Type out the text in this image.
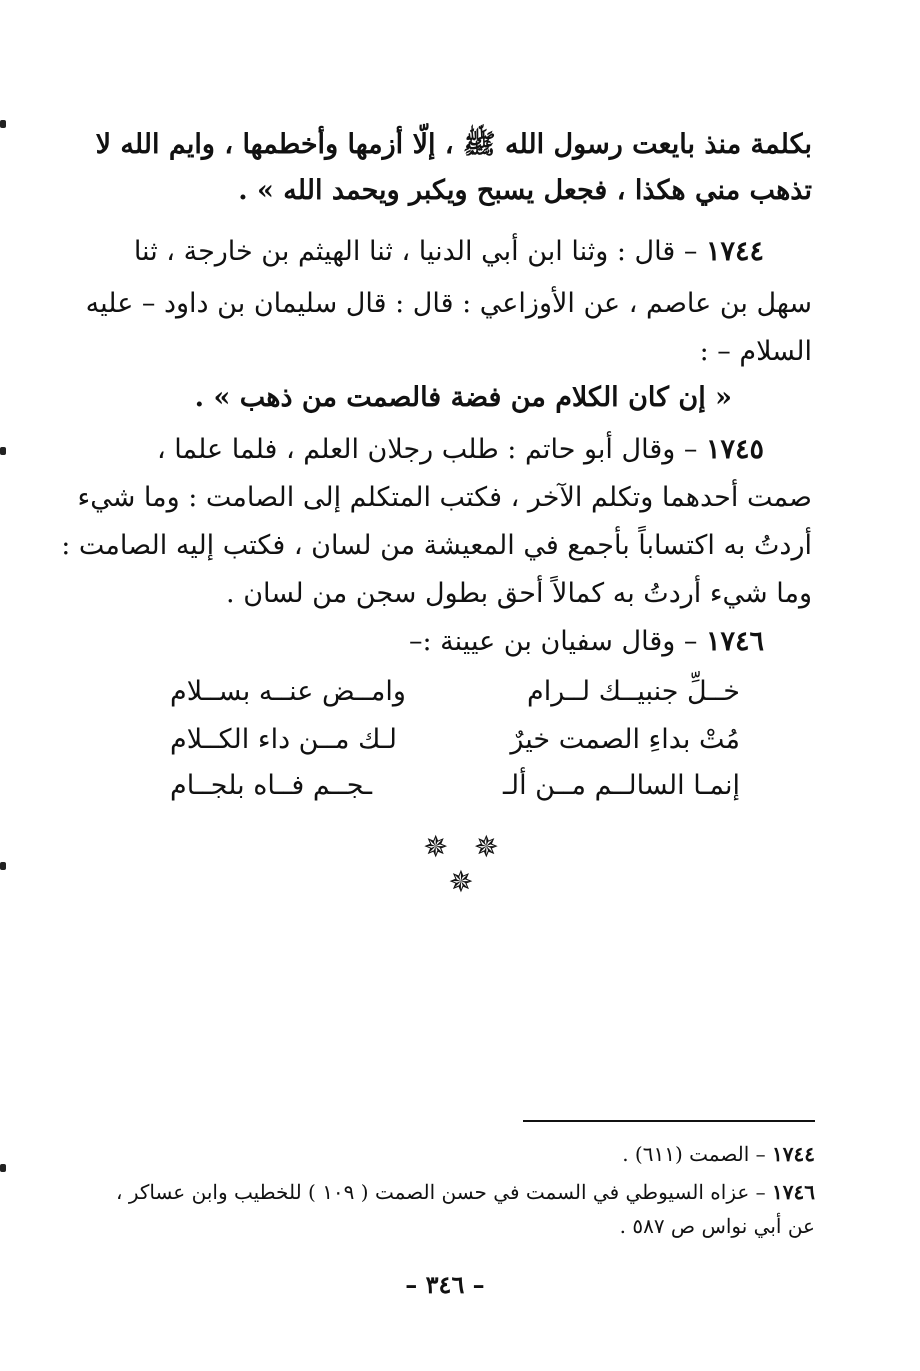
بكلمة منذ بايعت رسول الله ﷺ ، إلّا أزمها وأخطمها ، وايم الله لا
تذهب مني هكذا ، فجعل يسبح ويكبر ويحمد الله » .
١٧٤٤ – قال : وثنا ابن أبي الدنيا ، ثنا الهيثم بن خارجة ، ثنا
سهل بن عاصم ، عن الأوزاعي : قال : قال سليمان بن داود – عليه
السلام – :
« إن كان الكلام من فضة فالصمت من ذهب » .
١٧٤٥ – وقال أبو حاتم : طلب رجلان العلم ، فلما علما ،
صمت أحدهما وتكلم الآخر ، فكتب المتكلم إلى الصامت : وما شيء
أردتُ به اكتساباً بأجمع في المعيشة من لسان ، فكتب إليه الصامت :
وما شيء أردتُ به كمالاً أحق بطول سجن من لسان .
١٧٤٦ – وقال سفيان بن عيينة :–
خــلِّ جنبيــك لــرام
وامــض عنــه بســلام
مُتْ بداءِ الصمت خيرٌ
لـك مــن داء الكــلام
إنمـا السالــم مــن ألـ
ـجــم فــاه بلجــام
✵ ✵ ✵
١٧٤٤ – الصمت (٦١١) .
١٧٤٦ – عزاه السيوطي في السمت في حسن الصمت ( ١٠٩ ) للخطيب وابن عساكر ،
عن أبي نواس ص ٥٨٧ .
– ٣٤٦ –
